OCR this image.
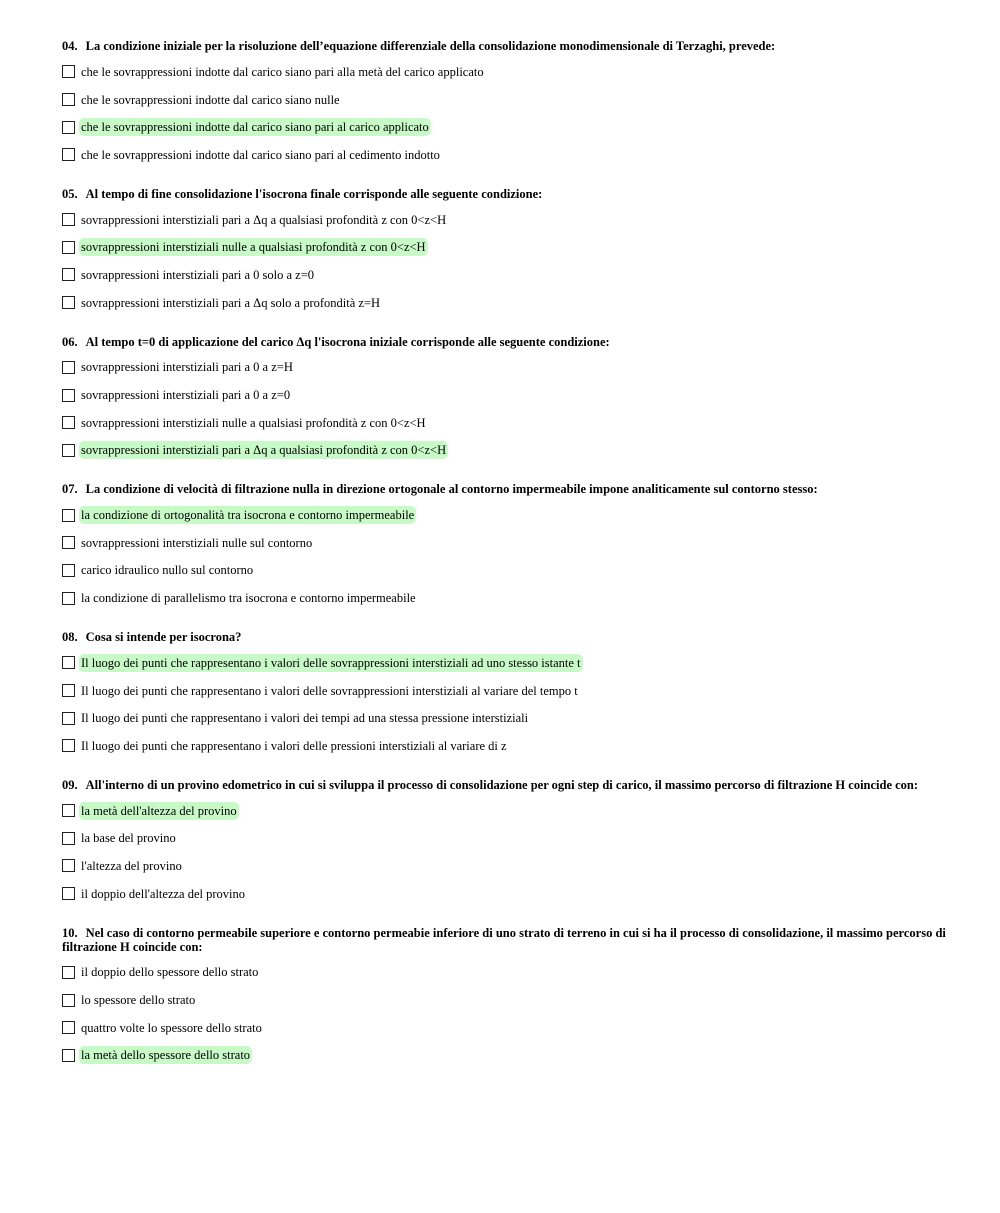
04. La condizione iniziale per la risoluzione dell’equazione differenziale della consolidazione monodimensionale di Terzaghi, prevede:
che le sovrappressioni indotte dal carico siano pari alla metà del carico applicato
che le sovrappressioni indotte dal carico siano nulle
che le sovrappressioni indotte dal carico siano pari al carico applicato
che le sovrappressioni indotte dal carico siano pari al cedimento indotto
05. Al tempo di fine consolidazione l'isocrona finale corrisponde alle seguente condizione:
sovrappressioni interstiziali pari a Δq a qualsiasi profondità z con 0<z<H
sovrappressioni interstiziali nulle a qualsiasi profondità z con 0<z<H
sovrappressioni interstiziali pari a 0 solo a z=0
sovrappressioni interstiziali pari a Δq solo a profondità z=H
06. Al tempo t=0 di applicazione del carico Δq l'isocrona iniziale corrisponde alle seguente condizione:
sovrappressioni interstiziali pari a 0 a z=H
sovrappressioni interstiziali pari a 0 a z=0
sovrappressioni interstiziali nulle a qualsiasi profondità z con 0<z<H
sovrappressioni interstiziali pari a Δq a qualsiasi profondità z con 0<z<H
07. La condizione di velocità di filtrazione nulla in direzione ortogonale al contorno impermeabile impone analiticamente sul contorno stesso:
la condizione di ortogonalità tra isocrona e contorno impermeabile
sovrappressioni interstiziali nulle sul contorno
carico idraulico nullo sul contorno
la condizione di parallelismo tra isocrona e contorno impermeabile
08. Cosa si intende per isocrona?
Il luogo dei punti che rappresentano i valori delle sovrappressioni interstiziali ad uno stesso istante t
Il luogo dei punti che rappresentano i valori delle sovrappressioni interstiziali al variare del tempo t
Il luogo dei punti che rappresentano i valori dei tempi ad una stessa pressione interstiziali
Il luogo dei punti che rappresentano i valori delle pressioni interstiziali al variare di z
09. All'interno di un provino edometrico in cui si sviluppa il processo di consolidazione per ogni step di carico, il massimo percorso di filtrazione H coincide con:
la metà dell'altezza del provino
la base del provino
l'altezza del provino
il doppio dell'altezza del provino
10. Nel caso di contorno permeabile superiore e contorno permeabie inferiore di uno strato di terreno in cui si ha il processo di consolidazione, il massimo percorso di filtrazione H coincide con:
il doppio dello spessore dello strato
lo spessore dello strato
quattro volte lo spessore dello strato
la metà dello spessore dello strato
